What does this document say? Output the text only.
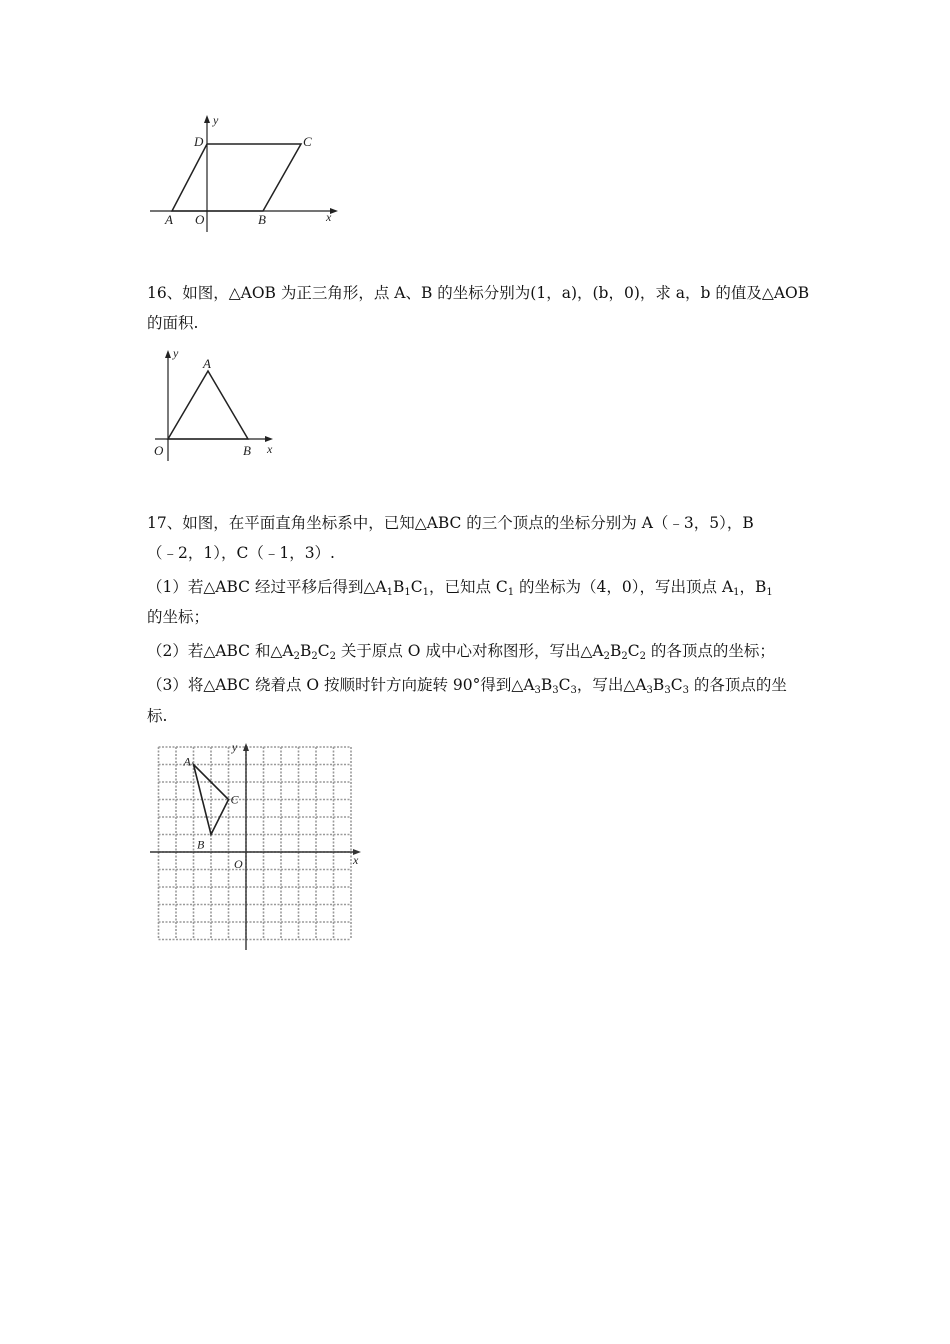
y
x
D	C
A O	B
16、如图，△AOB 为正三角形，点 A、B 的坐标分别为(1，a)，(b，0)，求 a，b 的值及△AOB
的面积.
y
x
A
O	B
17、如图，在平面直角坐标系中，已知△ABC 的三个顶点的坐标分别为 A（﹣3，5），B
（﹣2，1），C（﹣1，3）.
（1）若△ABC 经过平移后得到$\triangle A_1B_1C_1$，已知点 $C_1$ 的坐标为（4，0），写出顶点 $A_1$，$B_1$
的坐标；
（2）若△ABC 和$\triangle A_2B_2C_2$ 关于原点 O 成中心对称图形，写出$\triangle A_2B_2C_2$ 的各顶点的坐标；
（3）将△ABC 绕着点 O 按顺时针方向旋转 90°得到$\triangle A_3B_3C_3$，写出$\triangle A_3B_3C_3$ 的各顶点的坐
标.
y
x
A
B
C
O
